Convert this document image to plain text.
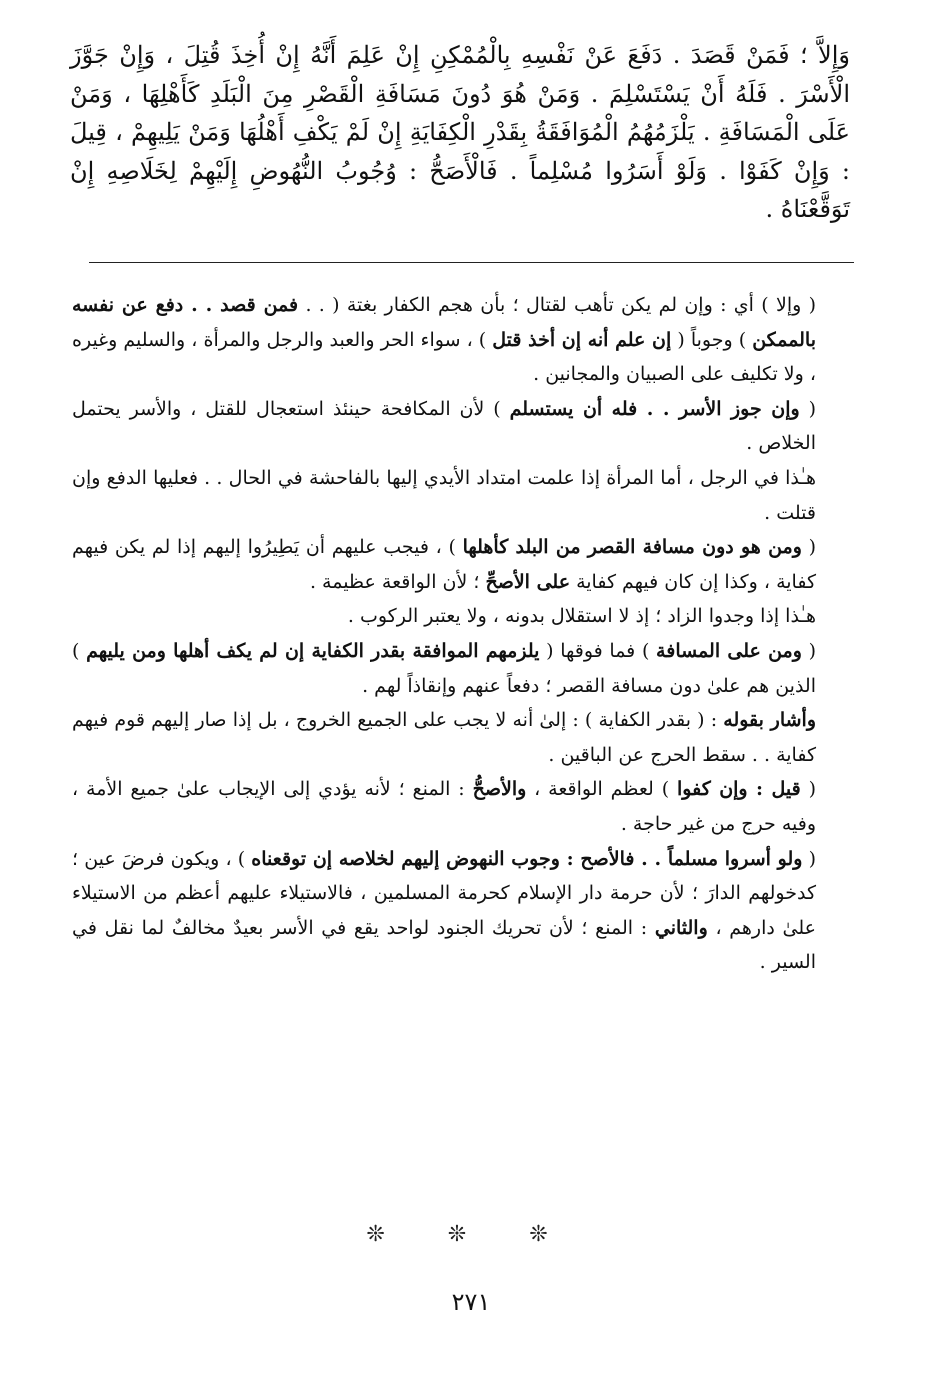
وَإِلاَّ ؛ فَمَنْ قَصَدَ . دَفَعَ عَنْ نَفْسِهِ بِالْمُمْكِنِ إِنْ عَلِمَ أَنَّهُ إِنْ أُخِذَ قُتِلَ ، وَإِنْ جَوَّزَ الْأَسْرَ . فَلَهُ أَنْ يَسْتَسْلِمَ . وَمَنْ هُوَ دُونَ مَسَافَةِ الْقَصْرِ مِنَ الْبَلَدِ كَأَهْلِهَا ، وَمَنْ عَلَى الْمَسَافَةِ . يَلْزَمُهُمُ الْمُوَافَقَةُ بِقَدْرِ الْكِفَايَةِ إِنْ لَمْ يَكْفِ أَهْلُهَا وَمَنْ يَلِيهِمْ ، قِيلَ : وَإِنْ كَفَوْا . وَلَوْ أَسَرُوا مُسْلِماً . فَالْأَصَحُّ : وُجُوبُ النُّهُوضِ إِلَيْهِمْ لِخَلَاصِهِ إِنْ تَوَقَّعْنَاهُ .

( وإلا ) أي : وإن لم يكن تأهب لقتال ؛ بأن هجم الكفار بغتة ( . . فمن قصد . . دفع عن نفسه بالممكن ) وجوباً ( إن علم أنه إن أخذ قتل ) ، سواء الحر والعبد والرجل والمرأة ، والسليم وغيره ، ولا تكليف على الصبيان والمجانين .

( وإن جوز الأسر . . فله أن يستسلم ) لأن المكافحة حينئذ استعجال للقتل ، والأسر يحتمل الخلاص .

هـٰذا في الرجل ، أما المرأة إذا علمت امتداد الأيدي إليها بالفاحشة في الحال . . فعليها الدفع وإن قتلت .

( ومن هو دون مسافة القصر من البلد كأهلها ) ، فيجب عليهم أن يَطِيرُوا إليهم إذا لم يكن فيهم كفاية ، وكذا إن كان فيهم كفاية على الأصحِّ ؛ لأن الواقعة عظيمة .

هـٰذا إذا وجدوا الزاد ؛ إذ لا استقلال بدونه ، ولا يعتبر الركوب .

( ومن على المسافة ) فما فوقها ( يلزمهم الموافقة بقدر الكفاية إن لم يكف أهلها ومن يليهم ) الذين هم علىٰ دون مسافة القصر ؛ دفعاً عنهم وإنقاذاً لهم .

وأشار بقوله : ( بقدر الكفاية ) : إلىٰ أنه لا يجب على الجميع الخروج ، بل إذا صار إليهم قوم فيهم كفاية . . سقط الحرج عن الباقين .

( قيل : وإن كفوا ) لعظم الواقعة ، والأصحُّ : المنع ؛ لأنه يؤدي إلى الإيجاب علىٰ جميع الأمة ، وفيه حرج من غير حاجة .

( ولو أسروا مسلماً . . فالأصح : وجوب النهوض إليهم لخلاصه إن توقعناه ) ، ويكون فرضَ عين ؛ كدخولهم الدارَ ؛ لأن حرمة دار الإسلام كحرمة المسلمين ، فالاستيلاء عليهم أعظم من الاستيلاء علىٰ دارهم ، والثاني : المنع ؛ لأن تحريك الجنود لواحد يقع في الأسر بعيدٌ مخالفٌ لما نقل في السير .

❊ ❊ ❊
٢٧١
